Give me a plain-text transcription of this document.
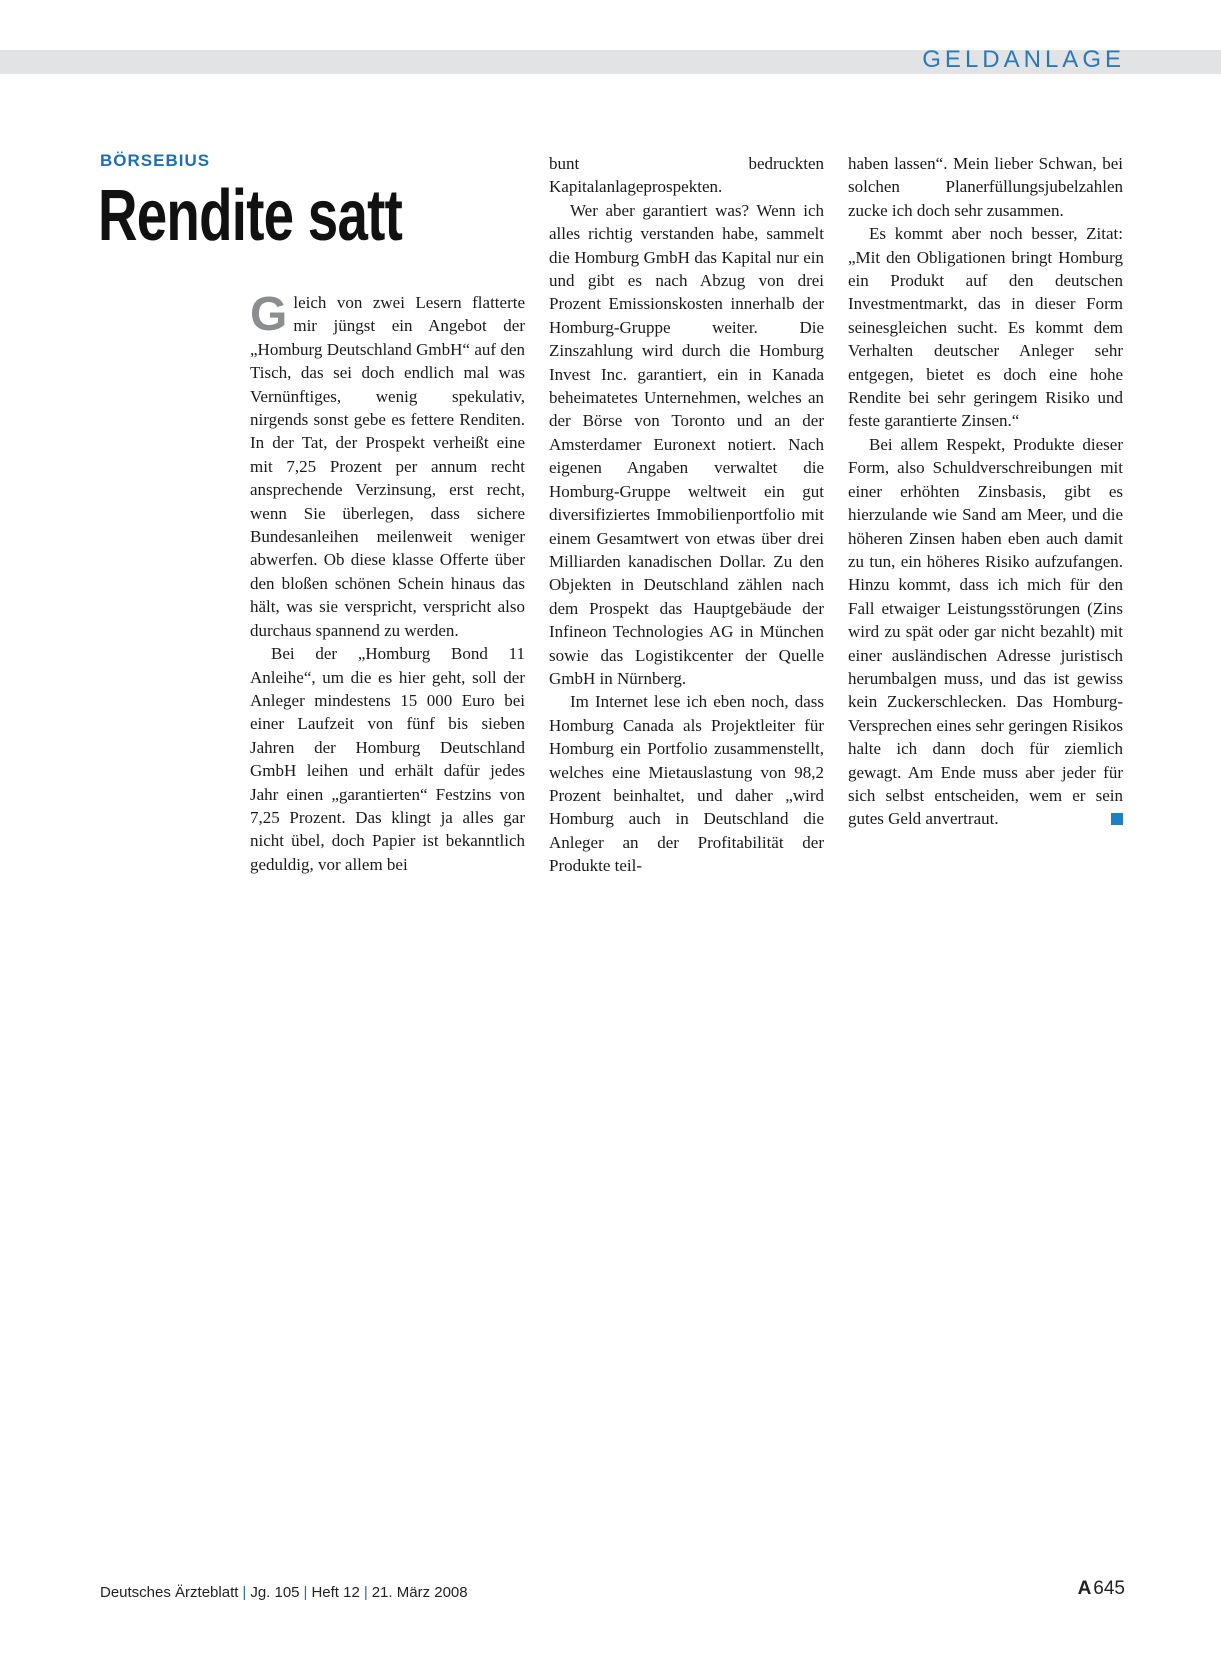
GELDANLAGE
BÖRSEBIUS
Rendite satt

Gleich von zwei Lesern flatterte mir jüngst ein Angebot der „Homburg Deutschland GmbH“ auf den Tisch, das sei doch endlich mal was Vernünftiges, wenig spekulativ, nirgends sonst gebe es fettere Renditen. In der Tat, der Prospekt verheißt eine mit 7,25 Prozent per annum recht ansprechende Verzinsung, erst recht, wenn Sie überlegen, dass sichere Bundesanleihen meilenweit weniger abwerfen. Ob diese klasse Offerte über den bloßen schönen Schein hinaus das hält, was sie verspricht, verspricht also durchaus spannend zu werden.

Bei der „Homburg Bond 11 Anleihe“, um die es hier geht, soll der Anleger mindestens 15 000 Euro bei einer Laufzeit von fünf bis sieben Jahren der Homburg Deutschland GmbH leihen und erhält dafür jedes Jahr einen „garantierten“ Festzins von 7,25 Prozent. Das klingt ja alles gar nicht übel, doch Papier ist bekanntlich geduldig, vor allem bei

bunt bedruckten Kapitalanlageprospekten.

Wer aber garantiert was? Wenn ich alles richtig verstanden habe, sammelt die Homburg GmbH das Kapital nur ein und gibt es nach Abzug von drei Prozent Emissionskosten innerhalb der Homburg-Gruppe weiter. Die Zinszahlung wird durch die Homburg Invest Inc. garantiert, ein in Kanada beheimatetes Unternehmen, welches an der Börse von Toronto und an der Amsterdamer Euronext notiert. Nach eigenen Angaben verwaltet die Homburg-Gruppe weltweit ein gut diversifiziertes Immobilienportfolio mit einem Gesamtwert von etwas über drei Milliarden kanadischen Dollar. Zu den Objekten in Deutschland zählen nach dem Prospekt das Hauptgebäude der Infineon Technologies AG in München sowie das Logistikcenter der Quelle GmbH in Nürnberg.

Im Internet lese ich eben noch, dass Homburg Canada als Projektleiter für Homburg ein Portfolio zusammenstellt, welches eine Mietauslastung von 98,2 Prozent beinhaltet, und daher „wird Homburg auch in Deutschland die Anleger an der Profitabilität der Produkte teil-

haben lassen“. Mein lieber Schwan, bei solchen Planerfüllungsjubelzahlen zucke ich doch sehr zusammen.

Es kommt aber noch besser, Zitat: „Mit den Obligationen bringt Homburg ein Produkt auf den deutschen Investmentmarkt, das in dieser Form seinesgleichen sucht. Es kommt dem Verhalten deutscher Anleger sehr entgegen, bietet es doch eine hohe Rendite bei sehr geringem Risiko und feste garantierte Zinsen.“

Bei allem Respekt, Produkte dieser Form, also Schuldverschreibungen mit einer erhöhten Zinsbasis, gibt es hierzulande wie Sand am Meer, und die höheren Zinsen haben eben auch damit zu tun, ein höheres Risiko aufzufangen. Hinzu kommt, dass ich mich für den Fall etwaiger Leistungsstörungen (Zins wird zu spät oder gar nicht bezahlt) mit einer ausländischen Adresse juristisch herumbalgen muss, und das ist gewiss kein Zuckerschlecken. Das Homburg-Versprechen eines sehr geringen Risikos halte ich dann doch für ziemlich gewagt. Am Ende muss aber jeder für sich selbst entscheiden, wem er sein gutes Geld anvertraut.

Deutsches Ärzteblatt | Jg. 105 | Heft 12 | 21. März 2008	A 645
